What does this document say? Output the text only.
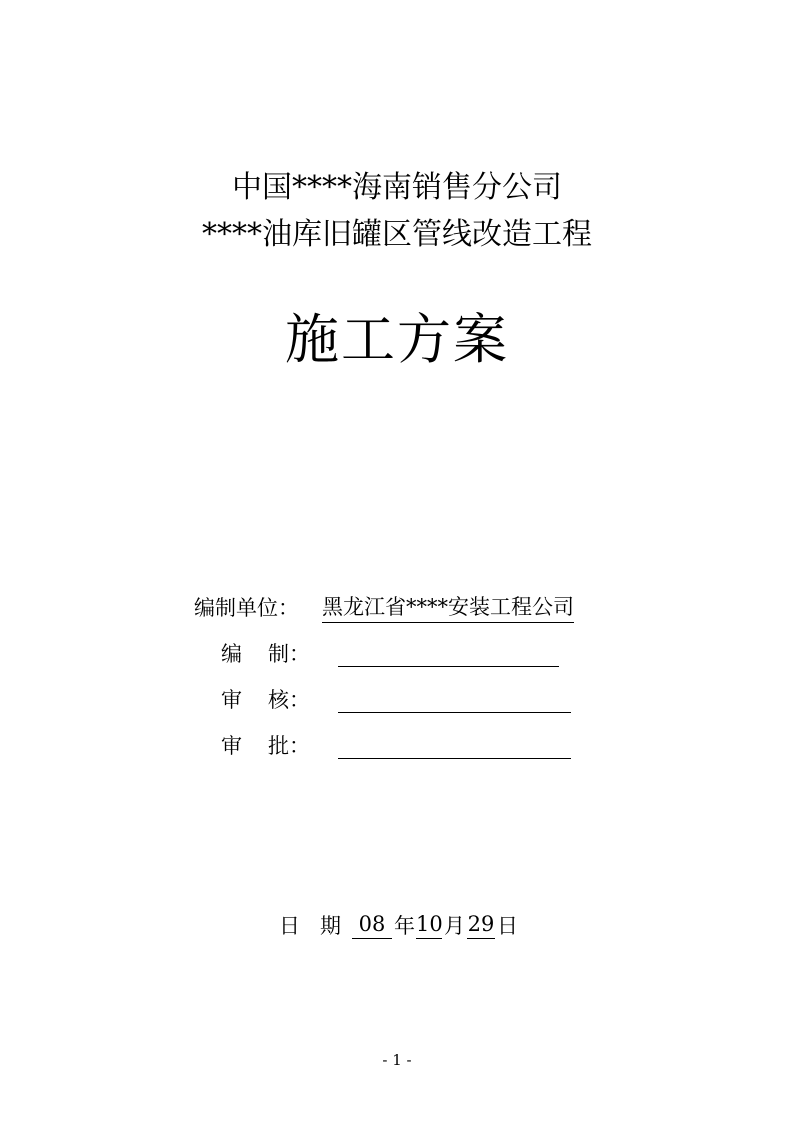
中国****海南销售分公司
****油库旧罐区管线改造工程
施工方案
编制单位： 黑龙江省****安装工程公司
编 制：
审 核：
审 批：
日 期 08 年 10 月 29 日
- 1 -
